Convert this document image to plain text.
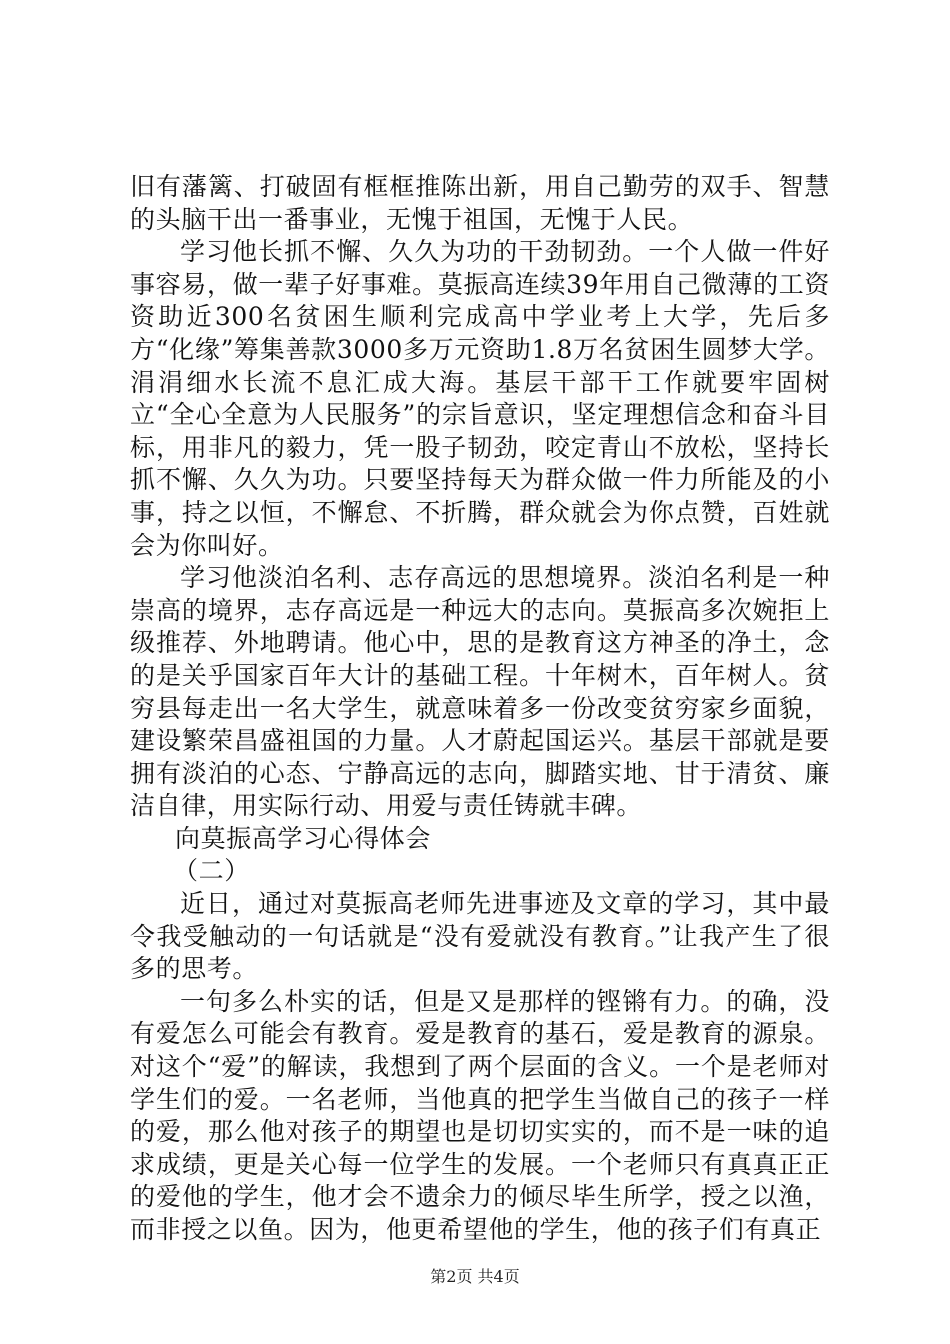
旧有藩篱、打破固有框框推陈出新，用自己勤劳的双手、智慧的头脑干出一番事业，无愧于祖国，无愧于人民。

学习他长抓不懈、久久为功的干劲韧劲。一个人做一件好事容易，做一辈子好事难。莫振高连续39年用自己微薄的工资资助近300名贫困生顺利完成高中学业考上大学，先后多方“化缘”筹集善款3000多万元资助1.8万名贫困生圆梦大学。涓涓细水长流不息汇成大海。基层干部干工作就要牢固树立“全心全意为人民服务”的宗旨意识，坚定理想信念和奋斗目标，用非凡的毅力，凭一股子韧劲，咬定青山不放松，坚持长抓不懈、久久为功。只要坚持每天为群众做一件力所能及的小事，持之以恒，不懈怠、不折腾，群众就会为你点赞，百姓就会为你叫好。

学习他淡泊名利、志存高远的思想境界。淡泊名利是一种崇高的境界，志存高远是一种远大的志向。莫振高多次婉拒上级推荐、外地聘请。他心中，思的是教育这方神圣的净土，念的是关乎国家百年大计的基础工程。十年树木，百年树人。贫穷县每走出一名大学生，就意味着多一份改变贫穷家乡面貌，建设繁荣昌盛祖国的力量。人才蔚起国运兴。基层干部就是要拥有淡泊的心态、宁静高远的志向，脚踏实地、甘于清贫、廉洁自律，用实际行动、用爱与责任铸就丰碑。

向莫振高学习心得体会

（二）

近日，通过对莫振高老师先进事迹及文章的学习，其中最令我受触动的一句话就是“没有爱就没有教育。”让我产生了很多的思考。

一句多么朴实的话，但是又是那样的铿锵有力。的确，没有爱怎么可能会有教育。爱是教育的基石，爱是教育的源泉。对这个“爱”的解读，我想到了两个层面的含义。一个是老师对学生们的爱。一名老师，当他真的把学生当做自己的孩子一样的爱，那么他对孩子的期望也是切切实实的，而不是一味的追求成绩，更是关心每一位学生的发展。一个老师只有真真正正的爱他的学生，他才会不遗余力的倾尽毕生所学，授之以渔，而非授之以鱼。因为，他更希望他的学生，他的孩子们有真正

第2页 共4页
